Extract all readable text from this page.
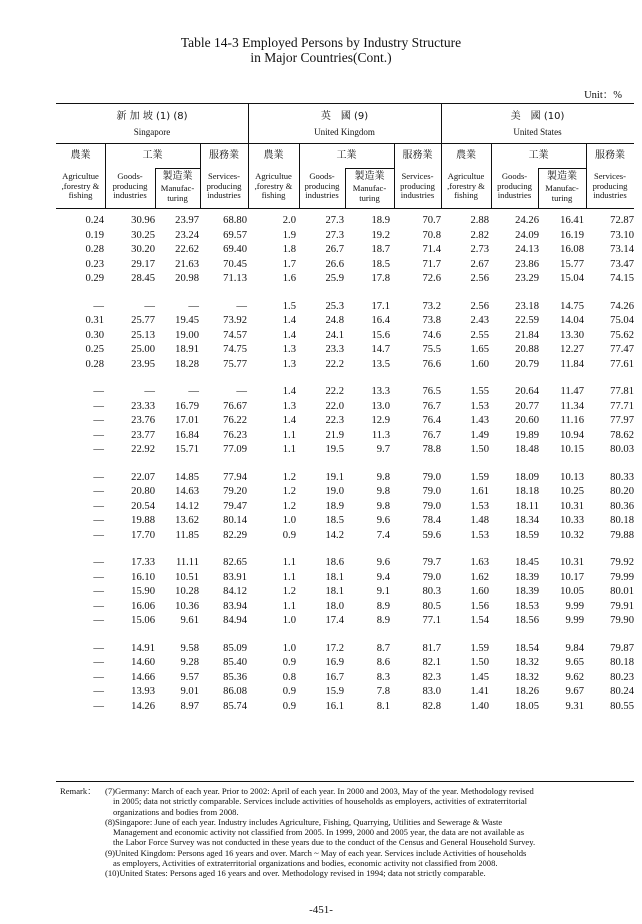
Table 14-3 Employed Persons by Industry Structure
in Major Countries(Cont.)
Unit：%
新 加 坡 (1) (8)
Singapore
英　國 (9)
United Kingdom
美　國 (10)
United States
農業	工業	服務業
製造業
Agricultue
,forestry &
fishing
Goods-
producing
industries
Manufac-
turing
Services-
producing
industries
農業	工業	服務業
製造業
Agricultue
,forestry &
fishing
Goods-
producing
industries
Manufac-
turing
Services-
producing
industries
農業	工業	服務業
製造業
Agricultue
,forestry &
fishing
Goods-
producing
industries
Manufac-
turing
Services-
producing
industries
0.24	30.96	23.97	68.80	2.0	27.3	18.9	70.7	2.88	24.26	16.41	72.87
0.19	30.25	23.24	69.57	1.9	27.3	19.2	70.8	2.82	24.09	16.19	73.10
0.28	30.20	22.62	69.40	1.8	26.7	18.7	71.4	2.73	24.13	16.08	73.14
0.23	29.17	21.63	70.45	1.7	26.6	18.5	71.7	2.67	23.86	15.77	73.47
0.29	28.45	20.98	71.13	1.6	25.9	17.8	72.6	2.56	23.29	15.04	74.15
—	—	—	—	1.5	25.3	17.1	73.2	2.56	23.18	14.75	74.26
0.31	25.77	19.45	73.92	1.4	24.8	16.4	73.8	2.43	22.59	14.04	75.04
0.30	25.13	19.00	74.57	1.4	24.1	15.6	74.6	2.55	21.84	13.30	75.62
0.25	25.00	18.91	74.75	1.3	23.3	14.7	75.5	1.65	20.88	12.27	77.47
0.28	23.95	18.28	75.77	1.3	22.2	13.5	76.6	1.60	20.79	11.84	77.61
—	—	—	—	1.4	22.2	13.3	76.5	1.55	20.64	11.47	77.81
—	23.33	16.79	76.67	1.3	22.0	13.0	76.7	1.53	20.77	11.34	77.71
—	23.76	17.01	76.22	1.4	22.3	12.9	76.4	1.43	20.60	11.16	77.97
—	23.77	16.84	76.23	1.1	21.9	11.3	76.7	1.49	19.89	10.94	78.62
—	22.92	15.71	77.09	1.1	19.5	9.7	78.8	1.50	18.48	10.15	80.03
—	22.07	14.85	77.94	1.2	19.1	9.8	79.0	1.59	18.09	10.13	80.33
—	20.80	14.63	79.20	1.2	19.0	9.8	79.0	1.61	18.18	10.25	80.20
—	20.54	14.12	79.47	1.2	18.9	9.8	79.0	1.53	18.11	10.31	80.36
—	19.88	13.62	80.14	1.0	18.5	9.6	78.4	1.48	18.34	10.33	80.18
—	17.70	11.85	82.29	0.9	14.2	7.4	59.6	1.53	18.59	10.32	79.88
—	17.33	11.11	82.65	1.1	18.6	9.6	79.7	1.63	18.45	10.31	79.92
—	16.10	10.51	83.91	1.1	18.1	9.4	79.0	1.62	18.39	10.17	79.99
—	15.90	10.28	84.12	1.2	18.1	9.1	80.3	1.60	18.39	10.05	80.01
—	16.06	10.36	83.94	1.1	18.0	8.9	80.5	1.56	18.53	9.99	79.91
—	15.06	9.61	84.94	1.0	17.4	8.9	77.1	1.54	18.56	9.99	79.90
—	14.91	9.58	85.09	1.0	17.2	8.7	81.7	1.59	18.54	9.84	79.87
—	14.60	9.28	85.40	0.9	16.9	8.6	82.1	1.50	18.32	9.65	80.18
—	14.66	9.57	85.36	0.8	16.7	8.3	82.3	1.45	18.32	9.62	80.23
—	13.93	9.01	86.08	0.9	15.9	7.8	83.0	1.41	18.26	9.67	80.24
—	14.26	8.97	85.74	0.9	16.1	8.1	82.8	1.40	18.05	9.31	80.55
Remark： (7)Germany: March of each year. Prior to 2002: April of each year. In 2000 and 2003, May of the year. Methodology revised

in 2005; data not strictly comparable. Services include activities of households as employers, activities of extraterritorial

organizations and bodies from 2008.

(8)Singapore: June of each year. Industry includes Agriculture, Fishing, Quarrying, Utilities and Sewerage & Waste

Management and economic activity not classified from 2005. In 1999, 2000 and 2005 year, the data are not available as

the Labor Force Survey was not conducted in these years due to the conduct of the Census and General Household Survey.

(9)United Kingdom: Persons aged 16 years and over. March ~ May of each year. Services include Activities of households

as employers, Activities of extraterritorial organizations and bodies, economic activity not classified from 2008.

(10)United States: Persons aged 16 years and over. Methodology revised in 1994; data not strictly comparable.

-451-
